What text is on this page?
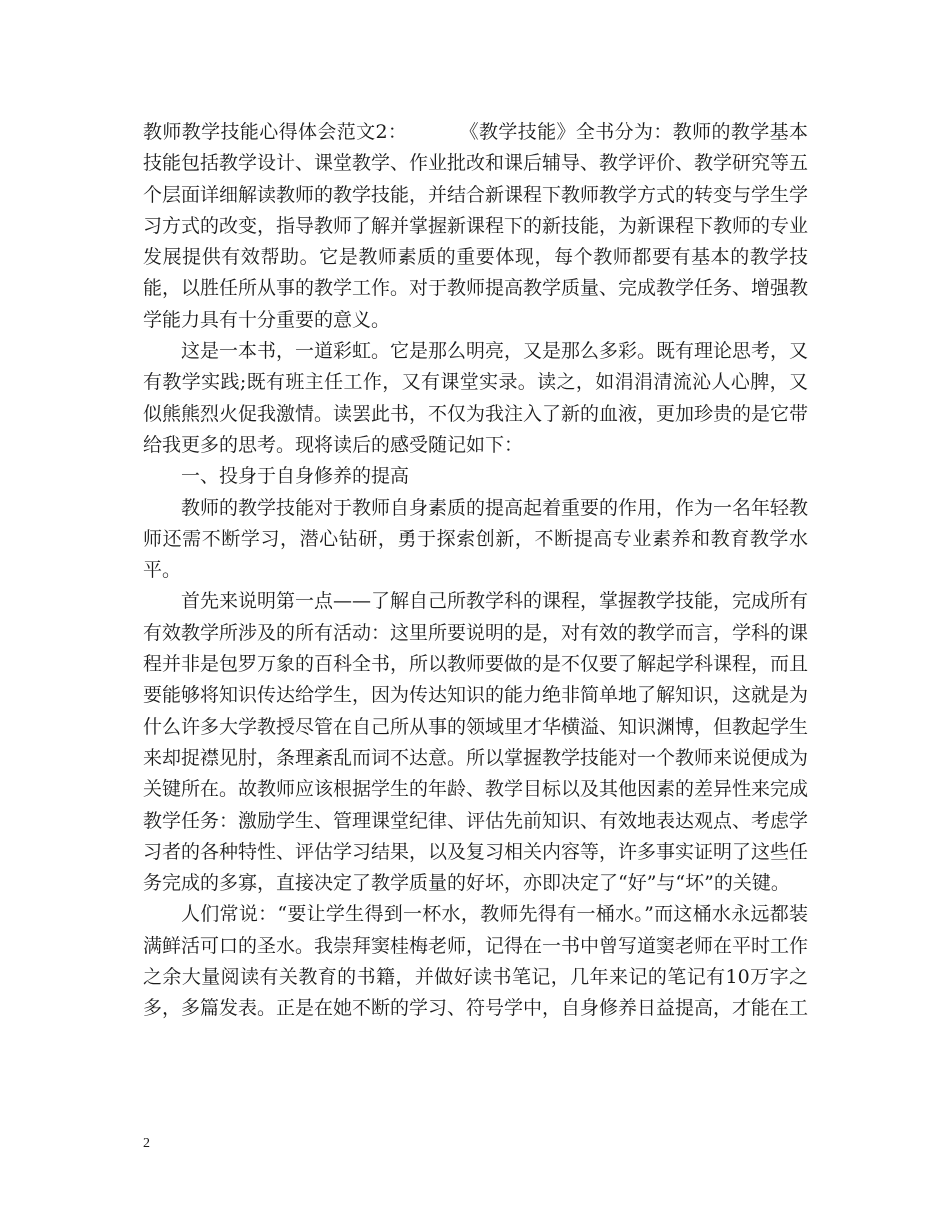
教师教学技能心得体会范文2：	《教学技能》全书分为：教师的教学基本技能包括教学设计、课堂教学、作业批改和课后辅导、教学评价、教学研究等五个层面详细解读教师的教学技能，并结合新课程下教师教学方式的转变与学生学习方式的改变，指导教师了解并掌握新课程下的新技能，为新课程下教师的专业发展提供有效帮助。它是教师素质的重要体现，每个教师都要有基本的教学技能，以胜任所从事的教学工作。对于教师提高教学质量、完成教学任务、增强教学能力具有十分重要的意义。

这是一本书，一道彩虹。它是那么明亮，又是那么多彩。既有理论思考，又有教学实践;既有班主任工作，又有课堂实录。读之，如涓涓清流沁人心脾，又似熊熊烈火促我激情。读罢此书，不仅为我注入了新的血液，更加珍贵的是它带给我更多的思考。现将读后的感受随记如下：

一、投身于自身修养的提高

教师的教学技能对于教师自身素质的提高起着重要的作用，作为一名年轻教师还需不断学习，潜心钻研，勇于探索创新，不断提高专业素养和教育教学水平。

首先来说明第一点——了解自己所教学科的课程，掌握教学技能，完成所有有效教学所涉及的所有活动：这里所要说明的是，对有效的教学而言，学科的课程并非是包罗万象的百科全书，所以教师要做的是不仅要了解起学科课程，而且要能够将知识传达给学生，因为传达知识的能力绝非简单地了解知识，这就是为什么许多大学教授尽管在自己所从事的领域里才华横溢、知识渊博，但教起学生来却捉襟见肘，条理紊乱而词不达意。所以掌握教学技能对一个教师来说便成为关键所在。故教师应该根据学生的年龄、教学目标以及其他因素的差异性来完成教学任务：激励学生、管理课堂纪律、评估先前知识、有效地表达观点、考虑学习者的各种特性、评估学习结果，以及复习相关内容等，许多事实证明了这些任务完成的多寡，直接决定了教学质量的好坏，亦即决定了“好”与“坏”的关键。

人们常说：“要让学生得到一杯水，教师先得有一桶水。”而这桶水永远都装满鲜活可口的圣水。我崇拜窦桂梅老师，记得在一书中曾写道窦老师在平时工作之余大量阅读有关教育的书籍，并做好读书笔记，几年来记的笔记有10万字之多，多篇发表。正是在她不断的学习、符号学中，自身修养日益提高，才能在工

2
